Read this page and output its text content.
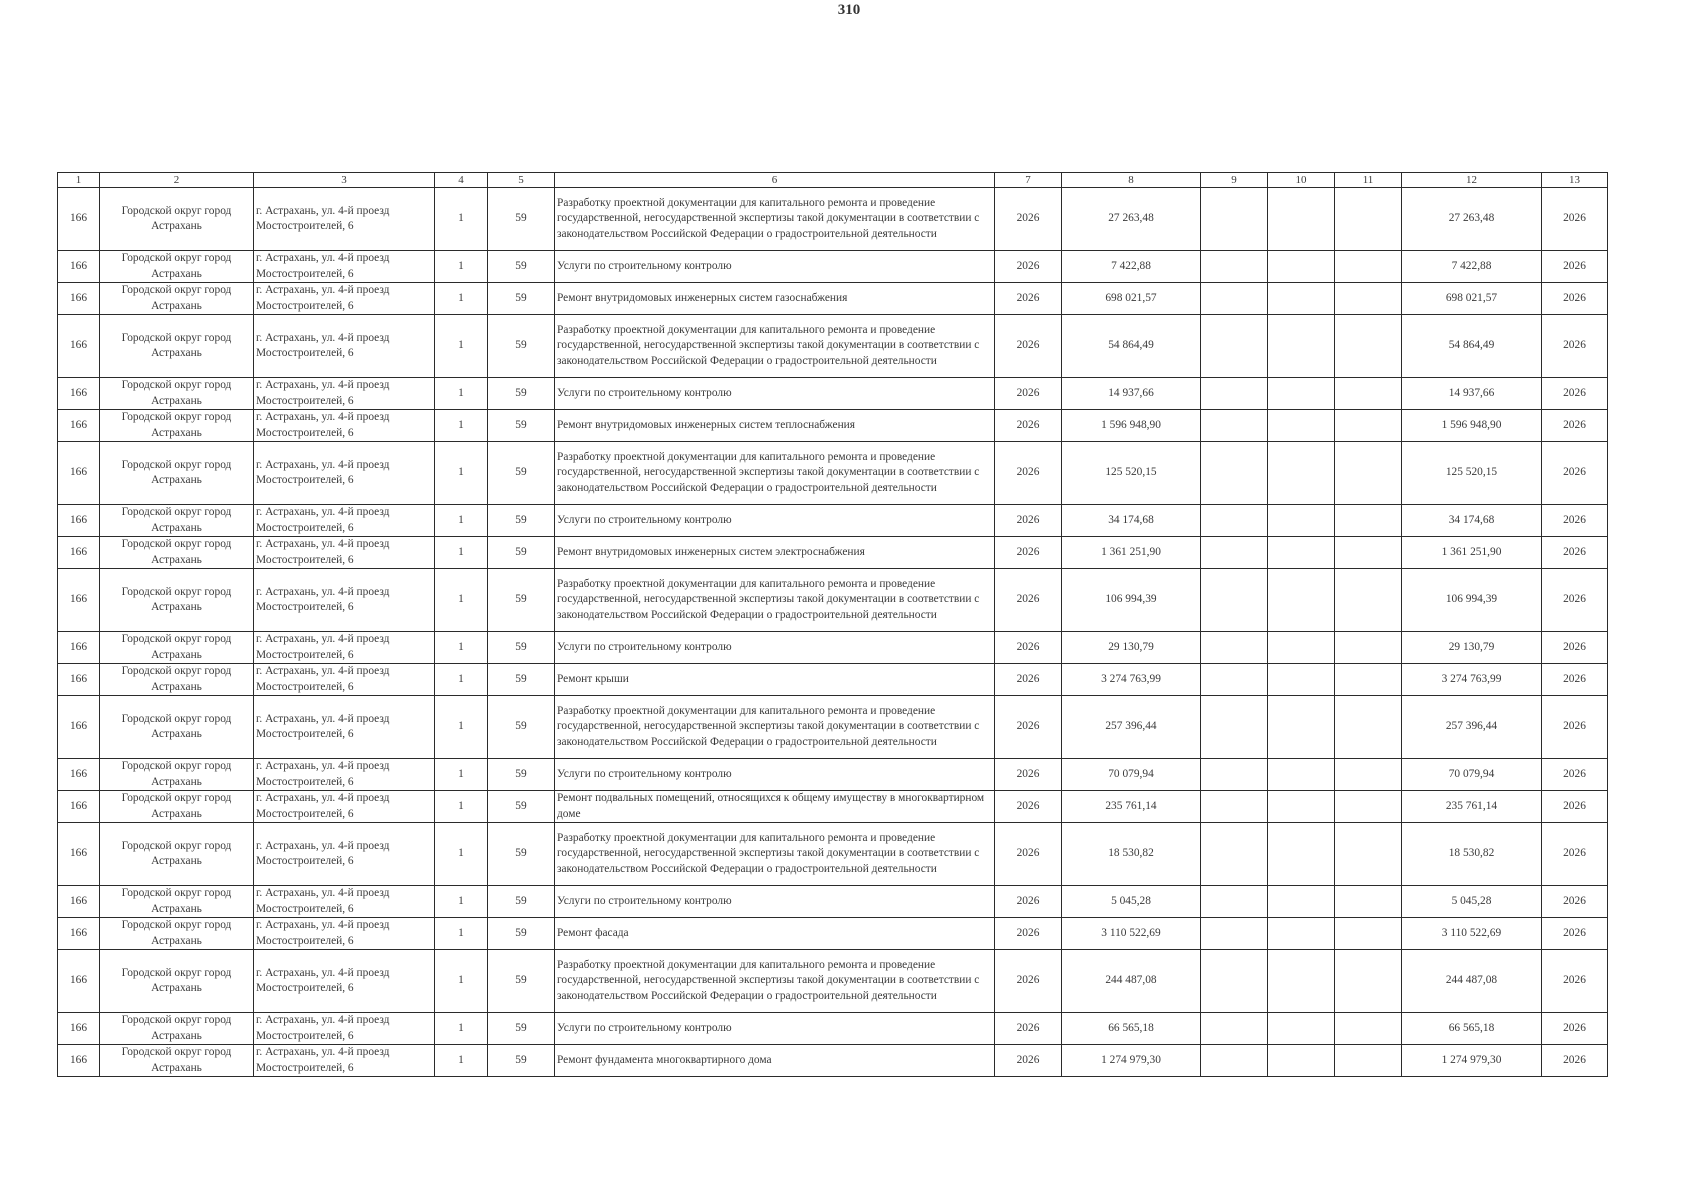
310
1	2	3	4	5	6	7	8	9	10	11	12	13
166	Городской округ город Астрахань	г. Астрахань, ул. 4-й проезд Мостостроителей, 6	1	59	Разработку проектной документации для капитального ремонта и проведение государственной, негосударственной экспертизы такой документации в соответствии с законодательством Российской Федерации о градостроительной деятельности	2026	27 263,48				27 263,48	2026
166	Городской округ город Астрахань	г. Астрахань, ул. 4-й проезд Мостостроителей, 6	1	59	Услуги по строительному контролю	2026	7 422,88				7 422,88	2026
166	Городской округ город Астрахань	г. Астрахань, ул. 4-й проезд Мостостроителей, 6	1	59	Ремонт внутридомовых инженерных систем газоснабжения	2026	698 021,57				698 021,57	2026
166	Городской округ город Астрахань	г. Астрахань, ул. 4-й проезд Мостостроителей, 6	1	59	Разработку проектной документации для капитального ремонта и проведение государственной, негосударственной экспертизы такой документации в соответствии с законодательством Российской Федерации о градостроительной деятельности	2026	54 864,49				54 864,49	2026
166	Городской округ город Астрахань	г. Астрахань, ул. 4-й проезд Мостостроителей, 6	1	59	Услуги по строительному контролю	2026	14 937,66				14 937,66	2026
166	Городской округ город Астрахань	г. Астрахань, ул. 4-й проезд Мостостроителей, 6	1	59	Ремонт внутридомовых инженерных систем теплоснабжения	2026	1 596 948,90				1 596 948,90	2026
166	Городской округ город Астрахань	г. Астрахань, ул. 4-й проезд Мостостроителей, 6	1	59	Разработку проектной документации для капитального ремонта и проведение государственной, негосударственной экспертизы такой документации в соответствии с законодательством Российской Федерации о градостроительной деятельности	2026	125 520,15				125 520,15	2026
166	Городской округ город Астрахань	г. Астрахань, ул. 4-й проезд Мостостроителей, 6	1	59	Услуги по строительному контролю	2026	34 174,68				34 174,68	2026
166	Городской округ город Астрахань	г. Астрахань, ул. 4-й проезд Мостостроителей, 6	1	59	Ремонт внутридомовых инженерных систем электроснабжения	2026	1 361 251,90				1 361 251,90	2026
166	Городской округ город Астрахань	г. Астрахань, ул. 4-й проезд Мостостроителей, 6	1	59	Разработку проектной документации для капитального ремонта и проведение государственной, негосударственной экспертизы такой документации в соответствии с законодательством Российской Федерации о градостроительной деятельности	2026	106 994,39				106 994,39	2026
166	Городской округ город Астрахань	г. Астрахань, ул. 4-й проезд Мостостроителей, 6	1	59	Услуги по строительному контролю	2026	29 130,79				29 130,79	2026
166	Городской округ город Астрахань	г. Астрахань, ул. 4-й проезд Мостостроителей, 6	1	59	Ремонт крыши	2026	3 274 763,99				3 274 763,99	2026
166	Городской округ город Астрахань	г. Астрахань, ул. 4-й проезд Мостостроителей, 6	1	59	Разработку проектной документации для капитального ремонта и проведение государственной, негосударственной экспертизы такой документации в соответствии с законодательством Российской Федерации о градостроительной деятельности	2026	257 396,44				257 396,44	2026
166	Городской округ город Астрахань	г. Астрахань, ул. 4-й проезд Мостостроителей, 6	1	59	Услуги по строительному контролю	2026	70 079,94				70 079,94	2026
166	Городской округ город Астрахань	г. Астрахань, ул. 4-й проезд Мостостроителей, 6	1	59	Ремонт подвальных помещений, относящихся к общему имуществу в многоквартирном доме	2026	235 761,14				235 761,14	2026
166	Городской округ город Астрахань	г. Астрахань, ул. 4-й проезд Мостостроителей, 6	1	59	Разработку проектной документации для капитального ремонта и проведение государственной, негосударственной экспертизы такой документации в соответствии с законодательством Российской Федерации о градостроительной деятельности	2026	18 530,82				18 530,82	2026
166	Городской округ город Астрахань	г. Астрахань, ул. 4-й проезд Мостостроителей, 6	1	59	Услуги по строительному контролю	2026	5 045,28				5 045,28	2026
166	Городской округ город Астрахань	г. Астрахань, ул. 4-й проезд Мостостроителей, 6	1	59	Ремонт фасада	2026	3 110 522,69				3 110 522,69	2026
166	Городской округ город Астрахань	г. Астрахань, ул. 4-й проезд Мостостроителей, 6	1	59	Разработку проектной документации для капитального ремонта и проведение государственной, негосударственной экспертизы такой документации в соответствии с законодательством Российской Федерации о градостроительной деятельности	2026	244 487,08				244 487,08	2026
166	Городской округ город Астрахань	г. Астрахань, ул. 4-й проезд Мостостроителей, 6	1	59	Услуги по строительному контролю	2026	66 565,18				66 565,18	2026
166	Городской округ город Астрахань	г. Астрахань, ул. 4-й проезд Мостостроителей, 6	1	59	Ремонт фундамента многоквартирного дома	2026	1 274 979,30				1 274 979,30	2026
